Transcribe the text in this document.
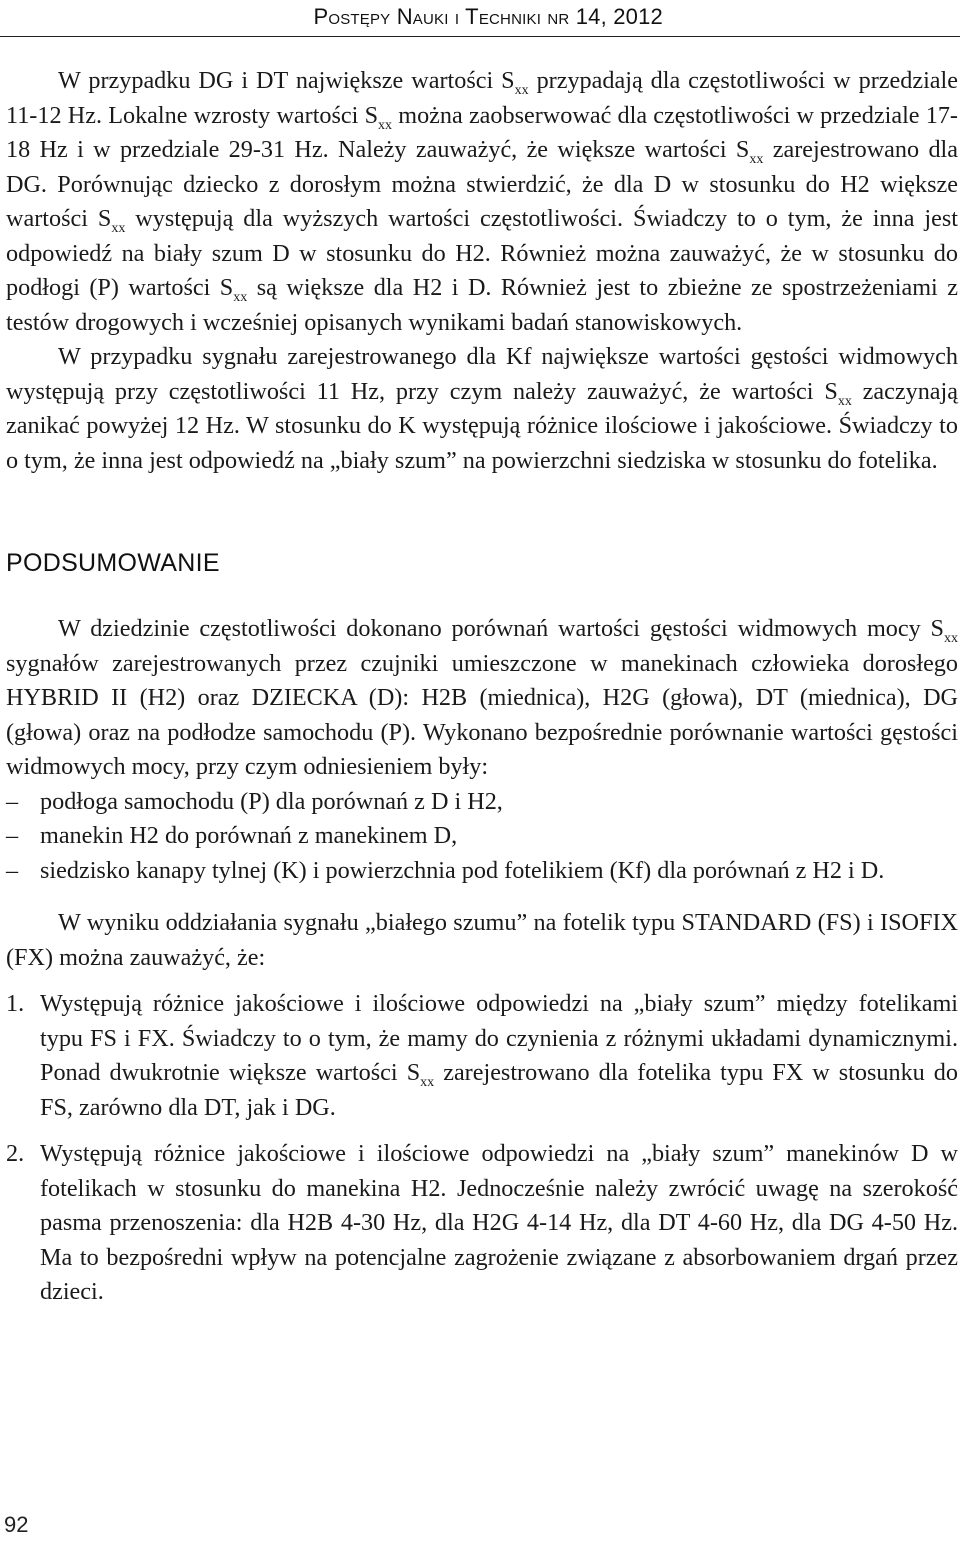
Postępy Nauki i Techniki nr 14, 2012

W przypadku DG i DT największe wartości $S_{xx}$ przypadają dla częstotliwości w przedziale 11-12 Hz. Lokalne wzrosty wartości $S_{xx}$ można zaobserwować dla częstotliwości w przedziale 17-18 Hz i w przedziale 29-31 Hz. Należy zauważyć, że większe wartości $S_{xx}$ zarejestrowano dla DG. Porównując dziecko z dorosłym można stwierdzić, że dla D w stosunku do H2 większe wartości $S_{xx}$ występują dla wyższych wartości częstotliwości. Świadczy to o tym, że inna jest odpowiedź na biały szum D w stosunku do H2. Również można zauważyć, że w stosunku do podłogi (P) wartości $S_{xx}$ są większe dla H2 i D. Również jest to zbieżne ze spostrzeżeniami z testów drogowych i wcześniej opisanych wynikami badań stanowiskowych.

W przypadku sygnału zarejestrowanego dla Kf największe wartości gęstości widmowych występują przy częstotliwości 11 Hz, przy czym należy zauważyć, że wartości $S_{xx}$ zaczynają zanikać powyżej 12 Hz. W stosunku do K występują różnice ilościowe i jakościowe. Świadczy to o tym, że inna jest odpowiedź na „biały szum” na powierzchni siedziska w stosunku do fotelika.

PODSUMOWANIE

W dziedzinie częstotliwości dokonano porównań wartości gęstości widmowych mocy $S_{xx}$ sygnałów zarejestrowanych przez czujniki umieszczone w manekinach człowieka dorosłego HYBRID II (H2) oraz DZIECKA (D): H2B (miednica), H2G (głowa), DT (miednica), DG (głowa) oraz na podłodze samochodu (P). Wykonano bezpośrednie porównanie wartości gęstości widmowych mocy, przy czym odniesieniem były:

– podłoga samochodu (P) dla porównań z D i H2,
– manekin H2 do porównań z manekinem D,
– siedzisko kanapy tylnej (K) i powierzchnia pod fotelikiem (Kf) dla porównań z H2 i D.

W wyniku oddziałania sygnału „białego szumu” na fotelik typu STANDARD (FS) i ISOFIX (FX) można zauważyć, że:

1. Występują różnice jakościowe i ilościowe odpowiedzi na „biały szum” między fotelikami typu FS i FX. Świadczy to o tym, że mamy do czynienia z różnymi układami dynamicznymi. Ponad dwukrotnie większe wartości $S_{xx}$ zarejestrowano dla fotelika typu FX w stosunku do FS, zarówno dla DT, jak i DG.
2. Występują różnice jakościowe i ilościowe odpowiedzi na „biały szum” manekinów D w fotelikach w stosunku do manekina H2. Jednocześnie należy zwrócić uwagę na szerokość pasma przenoszenia: dla H2B 4-30 Hz, dla H2G 4-14 Hz, dla DT 4-60 Hz, dla DG 4-50 Hz. Ma to bezpośredni wpływ na potencjalne zagrożenie związane z absorbowaniem drgań przez dzieci.
92
